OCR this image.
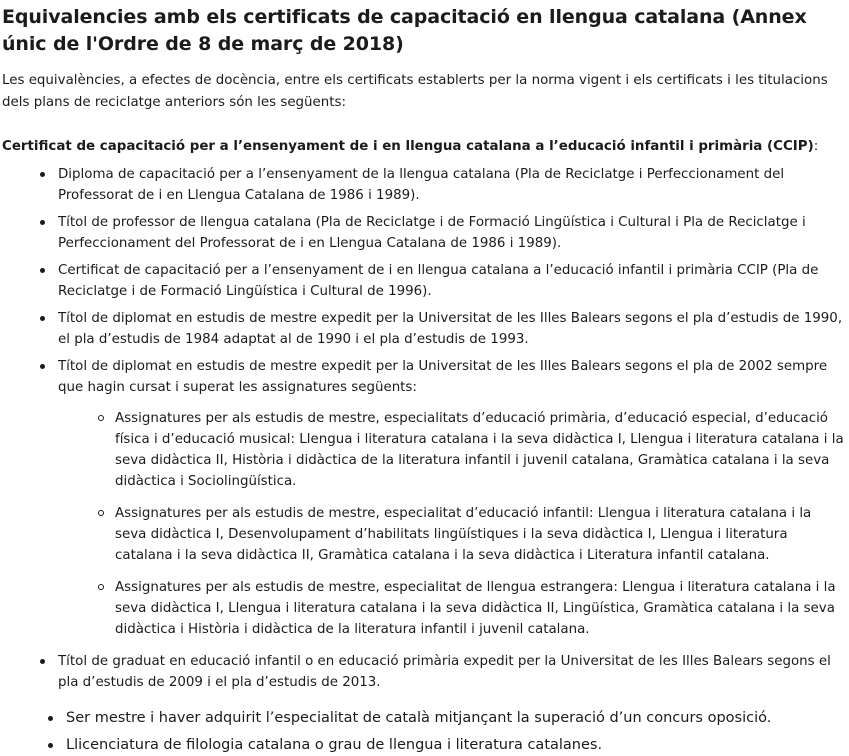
Equivalencies amb els certificats de capacitació en llengua catalana (Annex únic de l'Ordre de 8 de març de 2018)

Les equivalències, a efectes de docència, entre els certificats establerts per la norma vigent i els certificats i les titulacions dels plans de reciclatge anteriors són les següents:

Certificat de capacitació per a l’ensenyament de i en llengua catalana a l’educació infantil i primària (CCIP):

Diploma de capacitació per a l’ensenyament de la llengua catalana (Pla de Reciclatge i Perfeccionament del Professorat de i en Llengua Catalana de 1986 i 1989).
Títol de professor de llengua catalana (Pla de Reciclatge i de Formació Lingüística i Cultural i Pla de Reciclatge i Perfeccionament del Professorat de i en Llengua Catalana de 1986 i 1989).
Certificat de capacitació per a l’ensenyament de i en llengua catalana a l’educació infantil i primària CCIP (Pla de Reciclatge i de Formació Lingüística i Cultural de 1996).
Títol de diplomat en estudis de mestre expedit per la Universitat de les Illes Balears segons el pla d’estudis de 1990, el pla d’estudis de 1984 adaptat al de 1990 i el pla d’estudis de 1993.
Títol de diplomat en estudis de mestre expedit per la Universitat de les Illes Balears segons el pla de 2002 sempre que hagin cursat i superat les assignatures següents:
Assignatures per als estudis de mestre, especialitats d’educació primària, d’educació especial, d’educació física i d’educació musical: Llengua i literatura catalana i la seva didàctica I, Llengua i literatura catalana i la seva didàctica II, Història i didàctica de la literatura infantil i juvenil catalana, Gramàtica catalana i la seva didàctica i Sociolingüística.
Assignatures per als estudis de mestre, especialitat d’educació infantil: Llengua i literatura catalana i la seva didàctica I, Desenvolupament d’habilitats lingüístiques i la seva didàctica I, Llengua i literatura catalana i la seva didàctica II, Gramàtica catalana i la seva didàctica i Literatura infantil catalana.
Assignatures per als estudis de mestre, especialitat de llengua estrangera: Llengua i literatura catalana i la seva didàctica I, Llengua i literatura catalana i la seva didàctica II, Lingüística, Gramàtica catalana i la seva didàctica i Història i didàctica de la literatura infantil i juvenil catalana.
Títol de graduat en educació infantil o en educació primària expedit per la Universitat de les Illes Balears segons el pla d’estudis de 2009 i el pla d’estudis de 2013.
Ser mestre i haver adquirit l’especialitat de català mitjançant la superació d’un concurs oposició.
Llicenciatura de filologia catalana o grau de llengua i literatura catalanes.
